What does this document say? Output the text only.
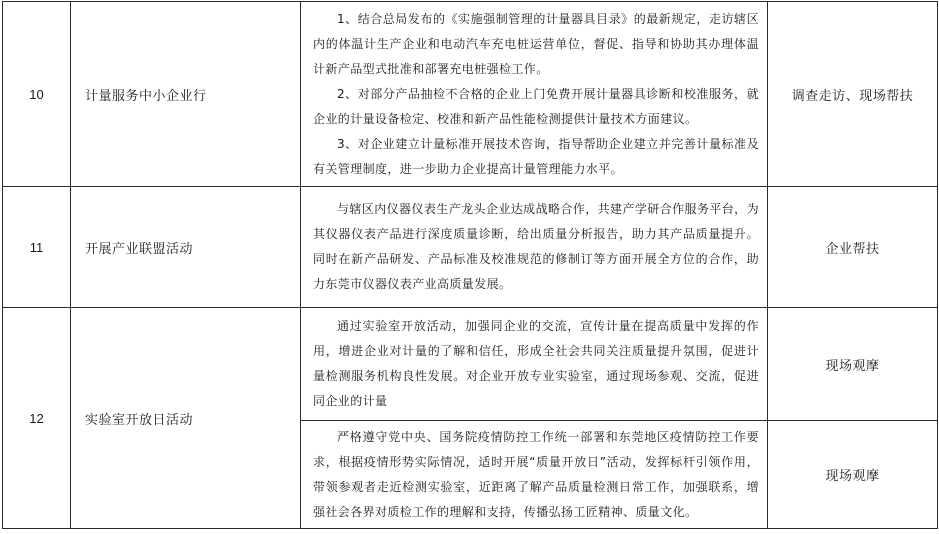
10	计量服务中小企业行	1、结合总局发布的《实施强制管理的计量器具目录》的最新规定，走访辖区内的体温计生产企业和电动汽车充电桩运营单位，督促、指导和协助其办理体温计新产品型式批准和部署充电桩强检工作。

2、对部分产品抽检不合格的企业上门免费开展计量器具诊断和校准服务，就企业的计量设备检定、校准和新产品性能检测提供计量技术方面建议。

3、对企业建立计量标准开展技术咨询，指导帮助企业建立并完善计量标准及有关管理制度，进一步助力企业提高计量管理能力水平。	调查走访、现场帮扶
11	开展产业联盟活动	与辖区内仪器仪表生产龙头企业达成战略合作，共建产学研合作服务平台，为其仪器仪表产品进行深度质量诊断，给出质量分析报告，助力其产品质量提升。同时在新产品研发、产品标准及校准规范的修制订等方面开展全方位的合作，助力东莞市仪器仪表产业高质量发展。	企业帮扶
12	实验室开放日活动	通过实验室开放活动，加强同企业的交流，宣传计量在提高质量中发挥的作用，增进企业对计量的了解和信任，形成全社会共同关注质量提升氛围，促进计量检测服务机构良性发展。对企业开放专业实验室，通过现场参观、交流，促进同企业的计量	现场观摩

		严格遵守党中央、国务院疫情防控工作统一部署和东莞地区疫情防控工作要求，根据疫情形势实际情况，适时开展“质量开放日”活动，发挥标杆引领作用，带领参观者走近检测实验室，近距离了解产品质量检测日常工作，加强联系，增强社会各界对质检工作的理解和支持，传播弘扬工匠精神、质量文化。	现场观摩
